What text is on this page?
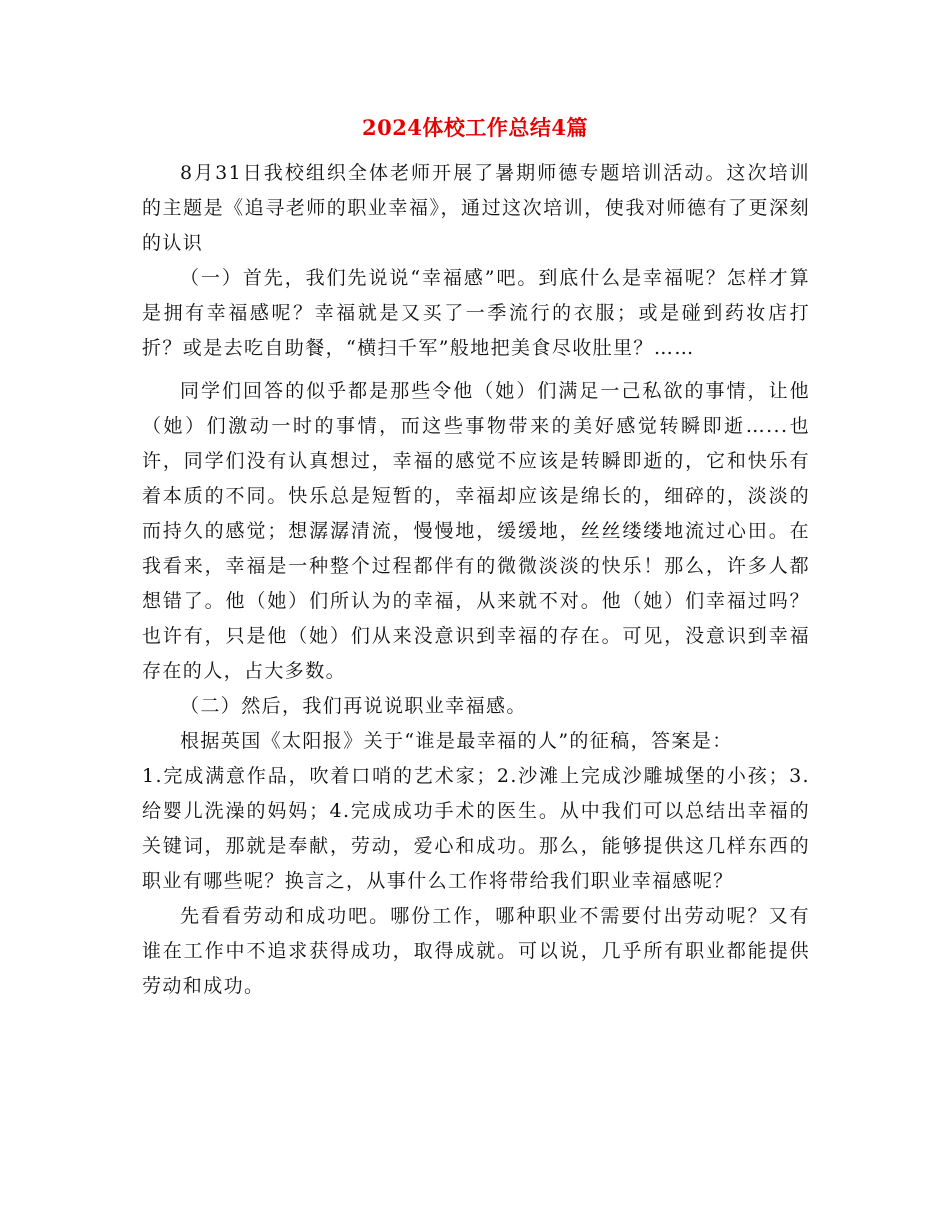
2024体校工作总结4篇

8月31日我校组织全体老师开展了暑期师德专题培训活动。这次培训的主题是《追寻老师的职业幸福》，通过这次培训，使我对师德有了更深刻的认识

（一）首先，我们先说说“幸福感”吧。到底什么是幸福呢？怎样才算是拥有幸福感呢？幸福就是又买了一季流行的衣服；或是碰到药妆店打折？或是去吃自助餐，“横扫千军”般地把美食尽收肚里？……

同学们回答的似乎都是那些令他（她）们满足一己私欲的事情，让他（她）们激动一时的事情，而这些事物带来的美好感觉转瞬即逝…...也许，同学们没有认真想过，幸福的感觉不应该是转瞬即逝的，它和快乐有着本质的不同。快乐总是短暂的，幸福却应该是绵长的，细碎的，淡淡的而持久的感觉；想潺潺清流，慢慢地，缓缓地，丝丝缕缕地流过心田。在我看来，幸福是一种整个过程都伴有的微微淡淡的快乐！那么，许多人都想错了。他（她）们所认为的幸福，从来就不对。他（她）们幸福过吗？也许有，只是他（她）们从来没意识到幸福的存在。可见，没意识到幸福存在的人，占大多数。

（二）然后，我们再说说职业幸福感。

根据英国《太阳报》关于“谁是最幸福的人”的征稿，答案是：

1.完成满意作品，吹着口哨的艺术家；2.沙滩上完成沙雕城堡的小孩；3.给婴儿洗澡的妈妈；4.完成成功手术的医生。从中我们可以总结出幸福的关键词，那就是奉献，劳动，爱心和成功。那么，能够提供这几样东西的职业有哪些呢？换言之，从事什么工作将带给我们职业幸福感呢？

先看看劳动和成功吧。哪份工作，哪种职业不需要付出劳动呢？又有谁在工作中不追求获得成功，取得成就。可以说，几乎所有职业都能提供劳动和成功。
